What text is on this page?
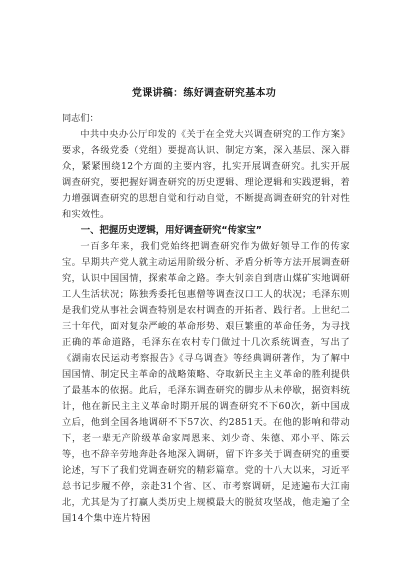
党课讲稿：练好调查研究基本功

同志们：

中共中央办公厅印发的《关于在全党大兴调查研究的工作方案》要求，各级党委（党组）要提高认识、制定方案，深入基层、深入群众，紧紧围绕12个方面的主要内容，扎实开展调查研究。扎实开展调查研究，要把握好调查研究的历史逻辑、理论逻辑和实践逻辑，着力增强调查研究的思想自觉和行动自觉，不断提高调查研究的针对性和实效性。

一、把握历史逻辑，用好调查研究“传家宝”

一百多年来，我们党始终把调查研究作为做好领导工作的传家宝。早期共产党人就主动运用阶级分析、矛盾分析等方法开展调查研究，认识中国国情，探索革命之路。李大钊亲自到唐山煤矿实地调研工人生活状况；陈独秀委托包惠僧等调查汉口工人的状况；毛泽东则是我们党从事社会调查特别是农村调查的开拓者、践行者。上世纪二三十年代，面对复杂严峻的革命形势、艰巨繁重的革命任务，为寻找正确的革命道路，毛泽东在农村专门做过十几次系统调查，写出了《湖南农民运动考察报告》《寻乌调查》等经典调研著作，为了解中国国情、制定民主革命的战略策略、夺取新民主主义革命的胜利提供了最基本的依据。此后，毛泽东调查研究的脚步从未停歇，据资料统计，他在新民主主义革命时期开展的调查研究不下60次，新中国成立后，他到全国各地调研不下57次、约2851天。在他的影响和带动下，老一辈无产阶级革命家周恩来、刘少奇、朱德、邓小平、陈云等，也不辞辛劳地奔赴各地深入调研，留下许多关于调查研究的重要论述，写下了我们党调查研究的精彩篇章。党的十八大以来，习近平总书记步履不停，亲赴31个省、区、市考察调研，足迹遍布大江南北，尤其是为了打赢人类历史上规模最大的脱贫攻坚战，他走遍了全国14个集中连片特困
